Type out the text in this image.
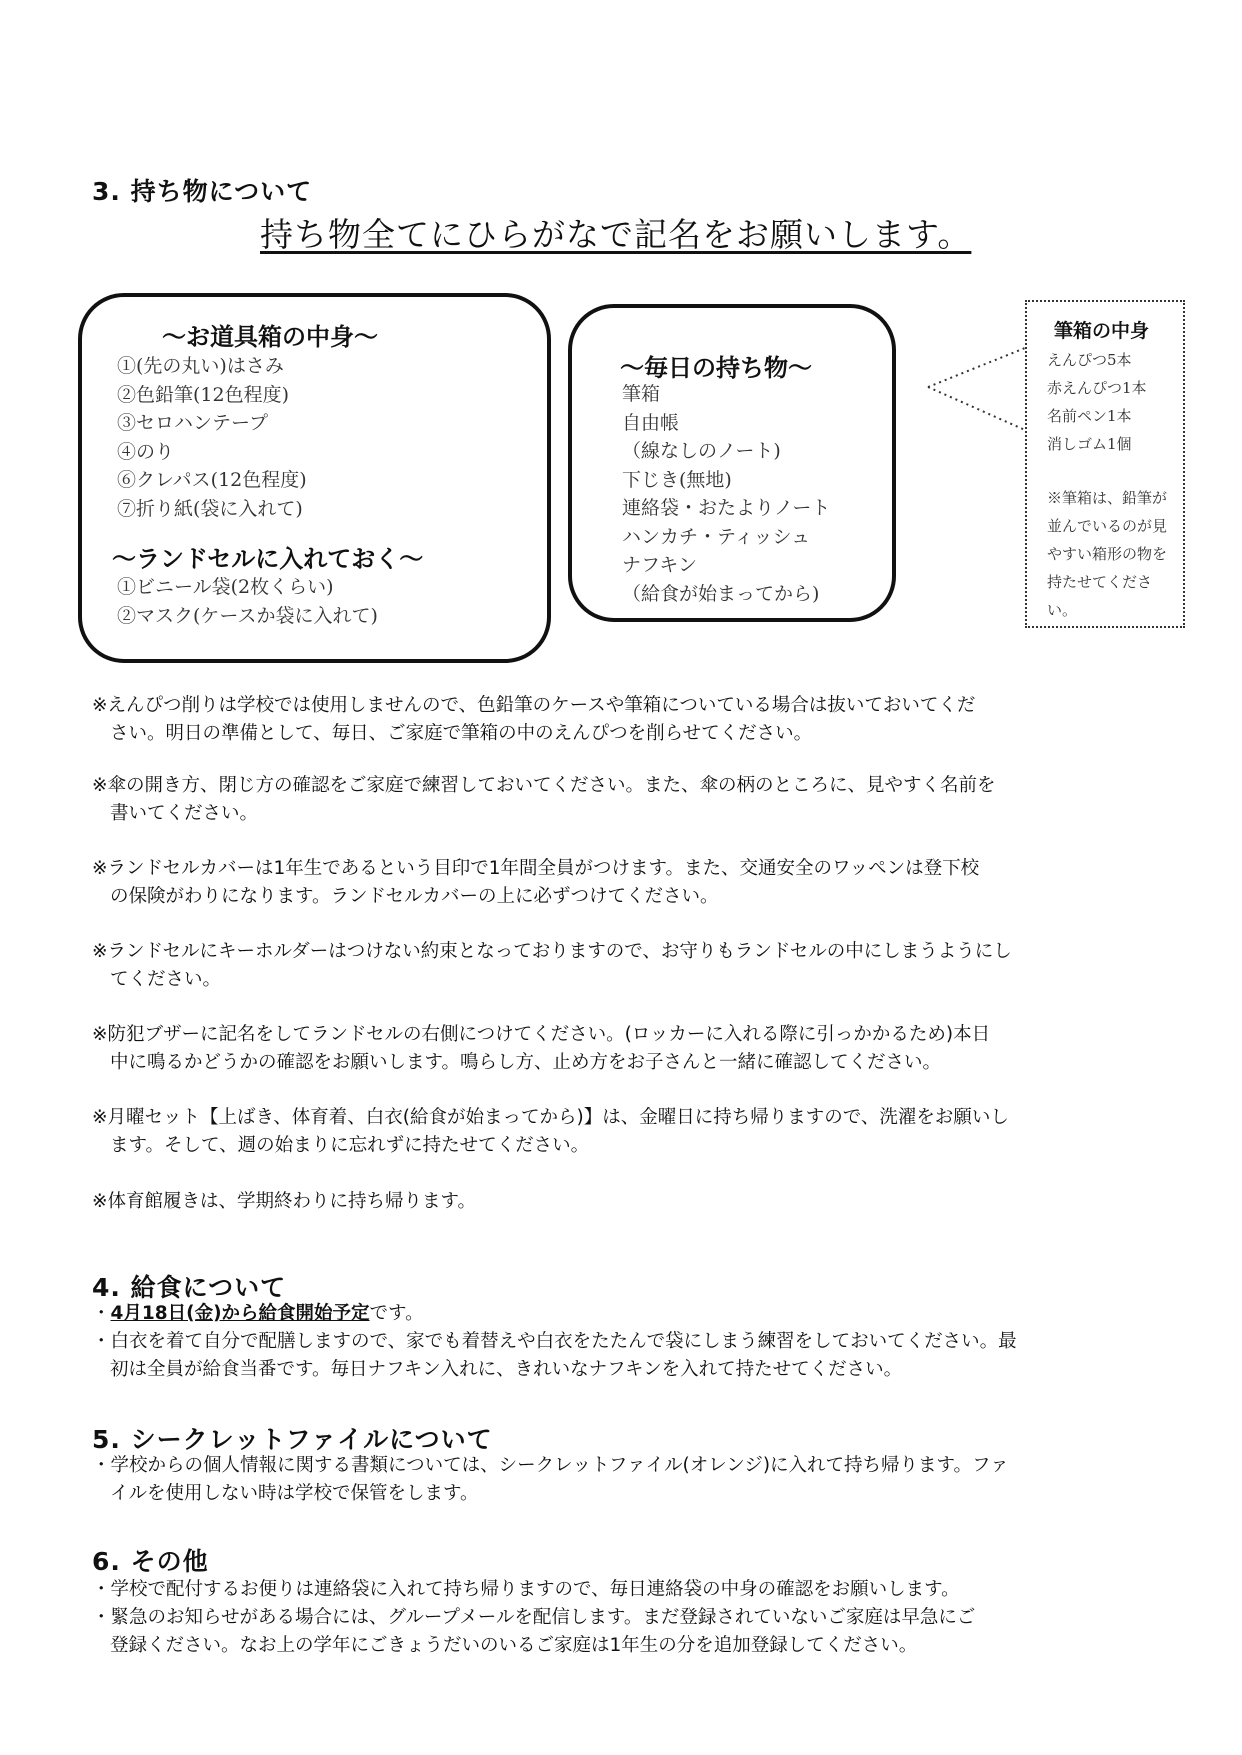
3. 持ち物について
持ち物全てにひらがなで記名をお願いします。
～お道具箱の中身～
①(先の丸い)はさみ
②色鉛筆(12色程度)
③セロハンテープ
④のり
⑥クレパス(12色程度)
⑦折り紙(袋に入れて)
～ランドセルに入れておく～
①ビニール袋(2枚くらい)
②マスク(ケースか袋に入れて)
～毎日の持ち物～
筆箱
自由帳
（線なしのノート)
下じき(無地)
連絡袋・おたよりノート
ハンカチ・ティッシュ
ナフキン
（給食が始まってから)
筆箱の中身
えんぴつ5本
赤えんぴつ1本
名前ペン1本
消しゴム1個
※筆箱は、鉛筆が
並んでいるのが見
やすい箱形の物を
持たせてください。
※えんぴつ削りは学校では使用しませんので、色鉛筆のケースや筆箱についている場合は抜いておいてくだ
さい。明日の準備として、毎日、ご家庭で筆箱の中のえんぴつを削らせてください。
※傘の開き方、閉じ方の確認をご家庭で練習しておいてください。また、傘の柄のところに、見やすく名前を
書いてください。
※ランドセルカバーは1年生であるという目印で1年間全員がつけます。また、交通安全のワッペンは登下校
の保険がわりになります。ランドセルカバーの上に必ずつけてください。
※ランドセルにキーホルダーはつけない約束となっておりますので、お守りもランドセルの中にしまうようにし
てください。
※防犯ブザーに記名をしてランドセルの右側につけてください。(ロッカーに入れる際に引っかかるため)本日
中に鳴るかどうかの確認をお願いします。鳴らし方、止め方をお子さんと一緒に確認してください。
※月曜セット【上ばき、体育着、白衣(給食が始まってから)】は、金曜日に持ち帰りますので、洗濯をお願いし
ます。そして、週の始まりに忘れずに持たせてください。
※体育館履きは、学期終わりに持ち帰ります。
4. 給食について
・4月18日(金)から給食開始予定です。
・白衣を着て自分で配膳しますので、家でも着替えや白衣をたたんで袋にしまう練習をしておいてください。最
初は全員が給食当番です。毎日ナフキン入れに、きれいなナフキンを入れて持たせてください。
5. シークレットファイルについて
・学校からの個人情報に関する書類については、シークレットファイル(オレンジ)に入れて持ち帰ります。ファ
イルを使用しない時は学校で保管をします。
6. その他
・学校で配付するお便りは連絡袋に入れて持ち帰りますので、毎日連絡袋の中身の確認をお願いします。
・緊急のお知らせがある場合には、グループメールを配信します。まだ登録されていないご家庭は早急にご
登録ください。なお上の学年にごきょうだいのいるご家庭は1年生の分を追加登録してください。
